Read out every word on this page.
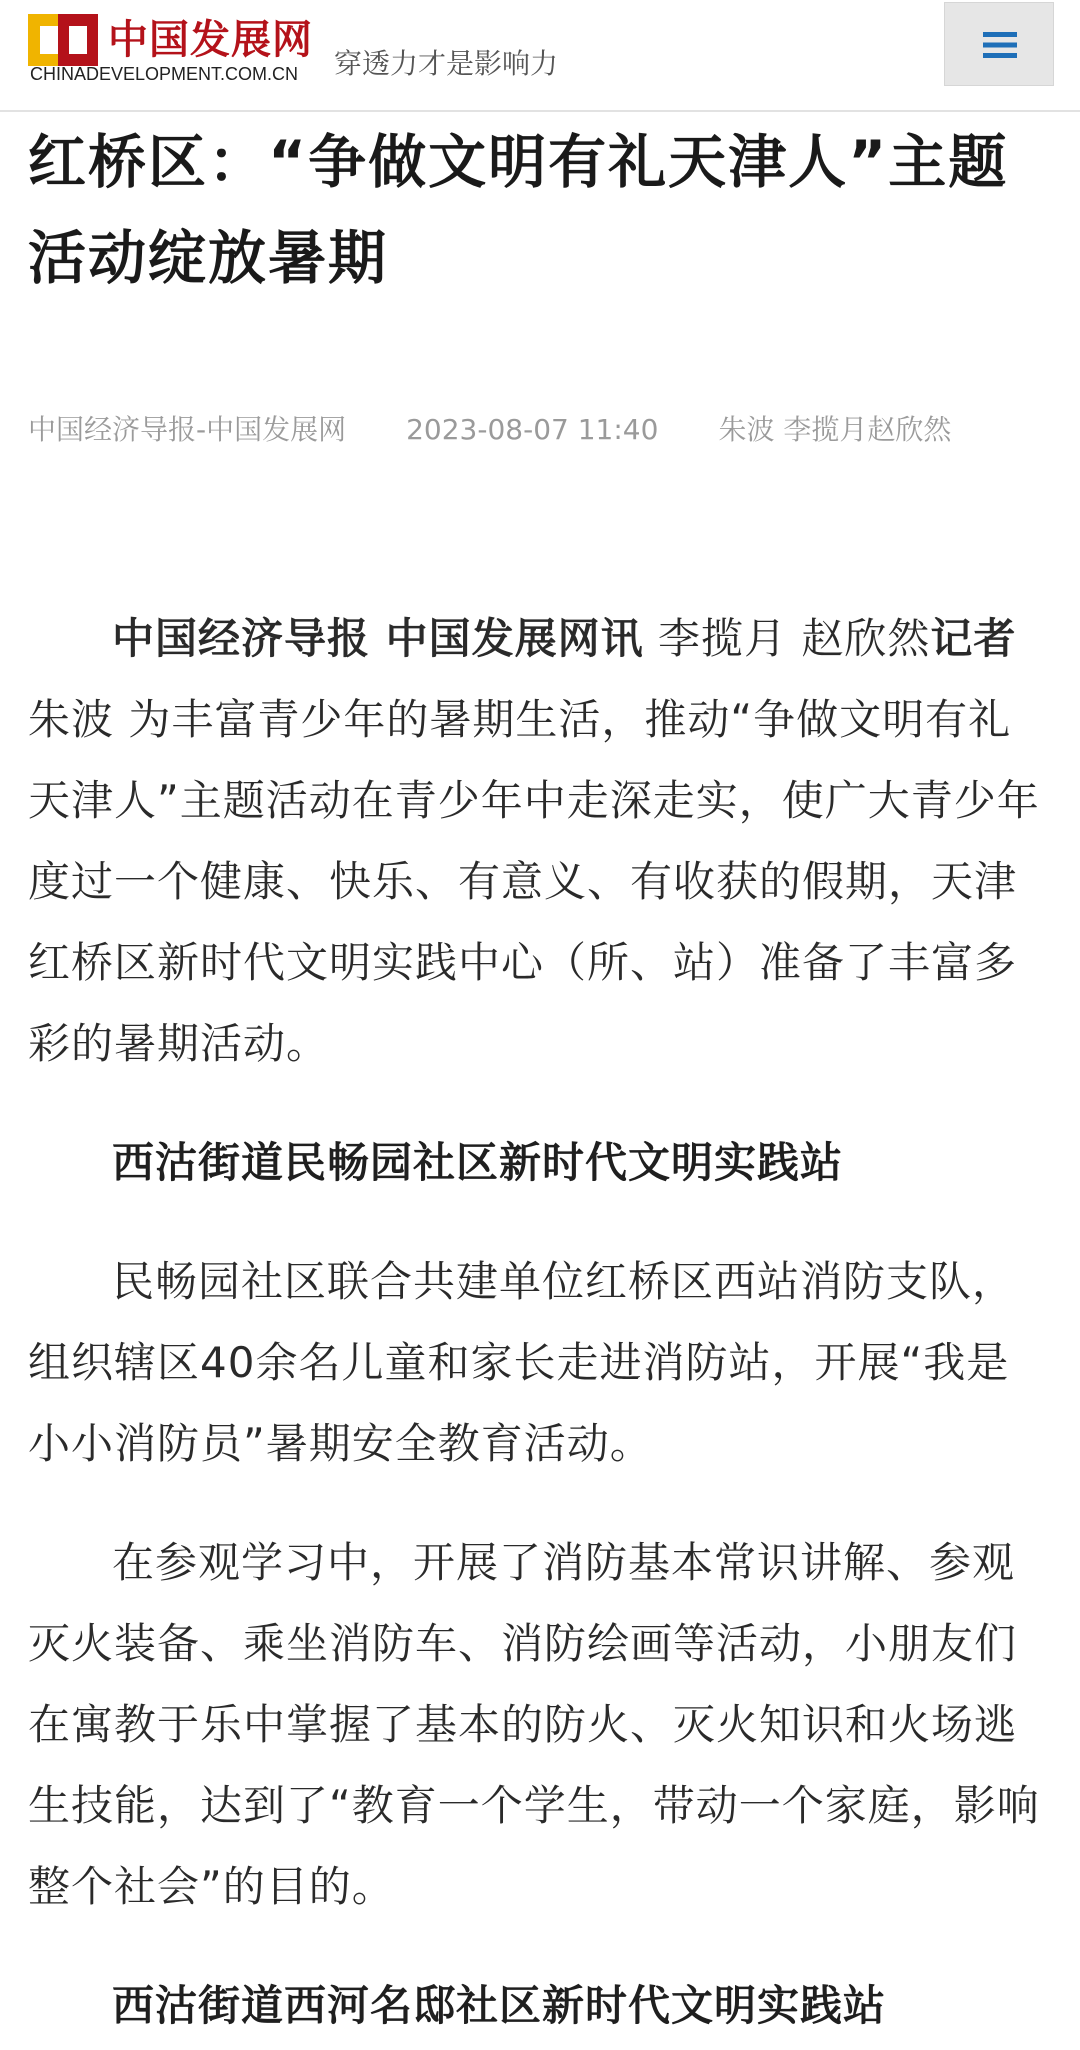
中国发展网
CHINADEVELOPMENT.COM.CN 穿透力才是影响力
红桥区：“争做文明有礼天津人”主题活动绽放暑期
中国经济导报-中国发展网 2023-08-07 11:40 朱波 李揽月赵欣然

中国经济导报 中国发展网讯 李揽月 赵欣然记者朱波 为丰富青少年的暑期生活，推动“争做文明有礼天津人”主题活动在青少年中走深走实，使广大青少年度过一个健康、快乐、有意义、有收获的假期，天津红桥区新时代文明实践中心（所、站）准备了丰富多彩的暑期活动。

西沽街道民畅园社区新时代文明实践站

民畅园社区联合共建单位红桥区西站消防支队，组织辖区40余名儿童和家长走进消防站，开展“我是小小消防员”暑期安全教育活动。

在参观学习中，开展了消防基本常识讲解、参观灭火装备、乘坐消防车、消防绘画等活动，小朋友们在寓教于乐中掌握了基本的防火、灭火知识和火场逃生技能，达到了“教育一个学生，带动一个家庭，影响整个社会”的目的。

西沽街道西河名邸社区新时代文明实践站
